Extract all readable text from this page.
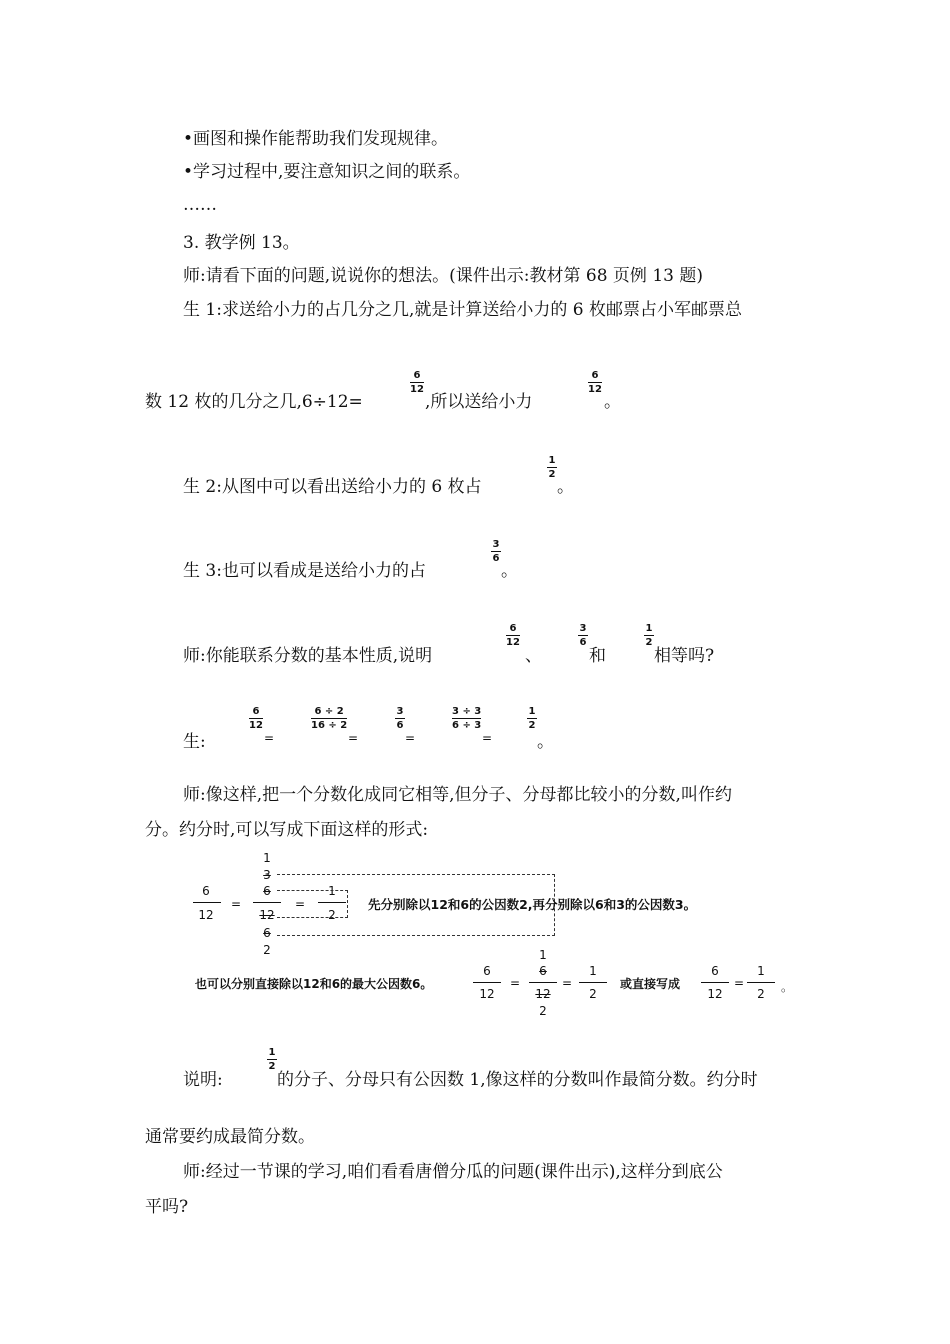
•画图和操作能帮助我们发现规律。
•学习过程中,要注意知识之间的联系。
……
3. 教学例 13。
师:请看下面的问题,说说你的想法。(课件出示:教材第 68 页例 13 题)
生 1:求送给小力的占几分之几,就是计算送给小力的 6 枚邮票占小军邮票总
数 12 枚的几分之几,6÷12=
6
12
,所以送给小力
6
12
。
生 2:从图中可以看出送给小力的 6 枚占
1
2
。
生 3:也可以看成是送给小力的占
3
6
。
师:你能联系分数的基本性质,说明
6
12
、
3
6
和
1
2
相等吗?
生:
6
12
=
6 ÷ 2
16 ÷ 2
=
3
6
=
3 ÷ 3
6 ÷ 3
=
1
2
。
师:像这样,把一个分数化成同它相等,但分子、分母都比较小的分数,叫作约
分。约分时,可以写成下面这样的形式:
6
12
=
1
3
6
12
6
2
=
1
2
先分别除以12和6的公因数2,再分别除以6和3的公因数3。
也可以分别直接除以12和6的最大公因数6。
6
12
=
1
6
12
2
=
1
2
或直接写成
6
12
=
1
2	。
说明:
1
2
的分子、分母只有公因数 1,像这样的分数叫作最简分数。约分时
通常要约成最简分数。
师:经过一节课的学习,咱们看看唐僧分瓜的问题(课件出示),这样分到底公
平吗?
